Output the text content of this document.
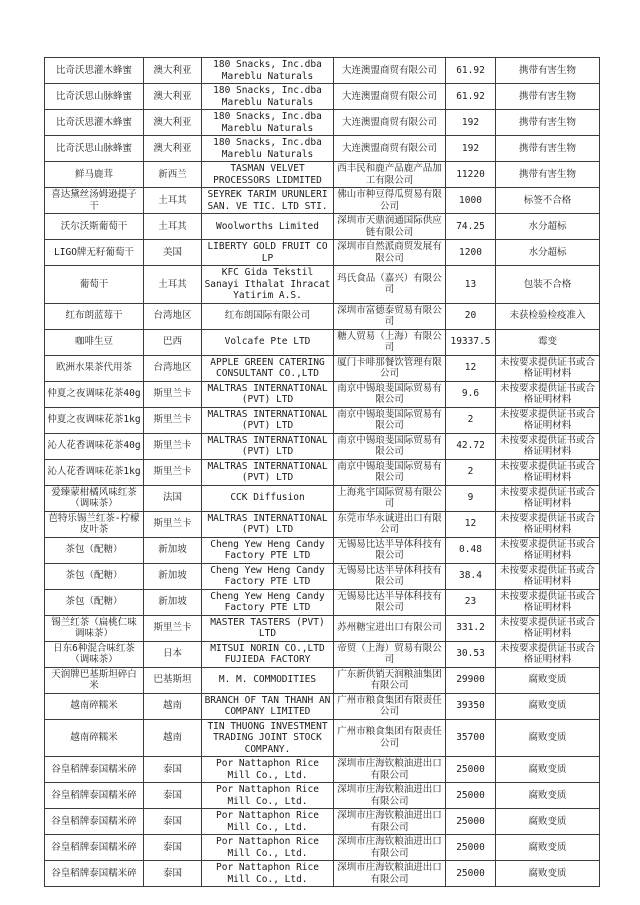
比奇沃思灌木蜂蜜	澳大利亚	180 Snacks, Inc.dba Mareblu Naturals	大连澳盟商贸有限公司	61.92	携带有害生物
比奇沃思山脉蜂蜜	澳大利亚	180 Snacks, Inc.dba Mareblu Naturals	大连澳盟商贸有限公司	61.92	携带有害生物
比奇沃思灌木蜂蜜	澳大利亚	180 Snacks, Inc.dba Mareblu Naturals	大连澳盟商贸有限公司	192	携带有害生物
比奇沃思山脉蜂蜜	澳大利亚	180 Snacks, Inc.dba Mareblu Naturals	大连澳盟商贸有限公司	192	携带有害生物
鲜马鹿茸	新西兰	TASMAN VELVET PROCESSORS LIDMITED	西丰民和鹿产品鹿产品加工有限公司	11220	携带有害生物
喜达黛丝汤姆逊提子干	土耳其	SEYREK TARIM URUNLERI SAN. VE TIC. LTD STI.	佛山市种豆得瓜贸易有限公司	1000	标签不合格
沃尔沃斯葡萄干	土耳其	Woolworths Limited	深圳市天鼎润通国际供应链有限公司	74.25	水分超标
LIGO牌无籽葡萄干	美国	LIBERTY GOLD FRUIT CO LP	深圳市自然派商贸发展有限公司	1200	水分超标
葡萄干	土耳其	KFC Gida Tekstil Sanayi Ithalat Ihracat Yatirim A.S.	玛氏食品（嘉兴）有限公司	13	包装不合格
红布朗蓝莓干	台湾地区	红布朗国际有限公司	深圳市富德泰贸易有限公司	20	未获检验检疫准入
咖啡生豆	巴西	Volcafe Pte LTD	糖人贸易（上海）有限公司	19337.5	霉变
欧洲水果茶代用茶	台湾地区	APPLE GREEN CATERING CONSULTANT CO.,LTD	厦门卡啡那餐饮管理有限公司	12	未按要求提供证书或合格证明材料
仲夏之夜调味花茶40g	斯里兰卡	MALTRAS INTERNATIONAL (PVT) LTD	南京中锡琅斐国际贸易有限公司	9.6	未按要求提供证书或合格证明材料
仲夏之夜调味花茶1kg	斯里兰卡	MALTRAS INTERNATIONAL (PVT) LTD	南京中锡琅斐国际贸易有限公司	2	未按要求提供证书或合格证明材料
沁人花香调味花茶40g	斯里兰卡	MALTRAS INTERNATIONAL (PVT) LTD	南京中锡琅斐国际贸易有限公司	42.72	未按要求提供证书或合格证明材料
沁人花香调味花茶1kg	斯里兰卡	MALTRAS INTERNATIONAL (PVT) LTD	南京中锡琅斐国际贸易有限公司	2	未按要求提供证书或合格证明材料
爱臻蒙柑橘风味红茶（调味茶）	法国	CCK Diffusion	上海兆宇国际贸易有限公司	9	未按要求提供证书或合格证明材料
芭特乐锡兰红茶-柠檬皮叶茶	斯里兰卡	MALTRAS INTERNATIONAL (PVT) LTD	东莞市华永诚进出口有限公司	12	未按要求提供证书或合格证明材料
茶包（配糖）	新加坡	Cheng Yew Heng Candy Factory PTE LTD	无锡易比达半导体科技有限公司	0.48	未按要求提供证书或合格证明材料
茶包（配糖）	新加坡	Cheng Yew Heng Candy Factory PTE LTD	无锡易比达半导体科技有限公司	38.4	未按要求提供证书或合格证明材料
茶包（配糖）	新加坡	Cheng Yew Heng Candy Factory PTE LTD	无锡易比达半导体科技有限公司	23	未按要求提供证书或合格证明材料
锡兰红茶（扁桃仁味调味茶）	斯里兰卡	MASTER TASTERS (PVT) LTD	苏州糖宝进出口有限公司	331.2	未按要求提供证书或合格证明材料
日东6种混合味红茶（调味茶）	日本	MITSUI NORIN CO.,LTD FUJIEDA FACTORY	帝贸（上海）贸易有限公司	30.53	未按要求提供证书或合格证明材料
天润牌巴基斯坦碎白米	巴基斯坦	M. M. COMMODITIES	广东新供销天润粮油集团有限公司	29900	腐败变质
越南碎糯米	越南	BRANCH OF TAN THANH AN COMPANY LIMITED	广州市粮食集团有限责任公司	39350	腐败变质
越南碎糯米	越南	TIN THUONG INVESTMENT TRADING JOINT STOCK COMPANY.	广州市粮食集团有限责任公司	35700	腐败变质
谷皇稻牌泰国糯米碎	泰国	Por Nattaphon Rice Mill Co., Ltd.	深圳市庄海钦粮油进出口有限公司	25000	腐败变质
谷皇稻牌泰国糯米碎	泰国	Por Nattaphon Rice Mill Co., Ltd.	深圳市庄海钦粮油进出口有限公司	25000	腐败变质
谷皇稻牌泰国糯米碎	泰国	Por Nattaphon Rice Mill Co., Ltd.	深圳市庄海钦粮油进出口有限公司	25000	腐败变质
谷皇稻牌泰国糯米碎	泰国	Por Nattaphon Rice Mill Co., Ltd.	深圳市庄海钦粮油进出口有限公司	25000	腐败变质
谷皇稻牌泰国糯米碎	泰国	Por Nattaphon Rice Mill Co., Ltd.	深圳市庄海钦粮油进出口有限公司	25000	腐败变质
